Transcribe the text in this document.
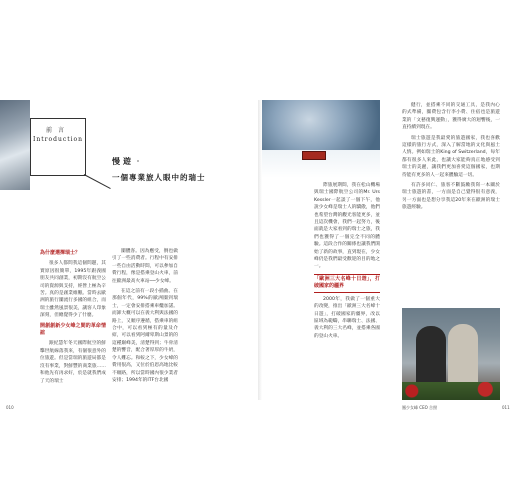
前言
Introduction
慢遊‧
一個專業旅人眼中的瑞士
為什麼選擇瑞士？

很多人都問我這個問題，其實原因很簡單，1995年跟義國朋友共同創業，初期沒有航空公司的資源與支持，經營上極為辛苦。真的是創業維艱。當時去歐洲的旅行團流行多國的組合，而瑞士雖然風景很美，讓客人印象深刻，但總覺得少了什麼。

開創創新少女峰之間的革命情誼

跟紀慧年冬天國際航空的鮮擊世航線落我來，有個很意外的位旅遊。但是當瑞的旅遊局都是沒有事業，對鮮豐的商業旅……和他先有再求好，於是就我們成了天的瑞士

團體客。因為應受，倒也做引了一些消費者。行程中有安排一些自由活動時間，可以參加自費行程，像是搭乘登山火車，前往歐洲最高火車站──少女峰。

在這之前有一段小插曲。在那個年代，99%的歐洲團到瑞士，一定會安排搭乘車纜加諾。而卸大概可以在義大利與法國的路上，又順序遵循，搭乘車的組合中，可以看到極有的量及介紹，可以看到阿爾卑斯山景的的這種巔峰美，清楚得到；牛骨清楚的響音，配合著厚厚的牛奶，令人難忘。和較之下，少女峰的費用很高，又位於伯恩高地比較不順路，所以當時國內很少業者安排；1994年的ITF台北國

010

際旅展期間，我在松山機場與瑞士國際航空公司的Mr. Urs Kessler一起談了一個下午，他說少女峰是瑞士人的驕傲，他們也希望台灣的觀光客能更多，並且這次機會，我們一起努力，後面就是大家看到的瑞士之旅，我們也獲得了一個完全不同的體驗。這段合作的關係也讓我們開始了新的故事，直到現在，少女峰仍是我們最受歡迎的目的地之一。

「歐洲三大名峰十日遊」，打破國家的疆界

2000年，我做了一個重大的改變，推出「歐洲三大名峰十日遊」，打破國家的疆界，改以區域為範疇，串聯瑞士、法國、義大利的三大名峰，並搭乘各國的登山火車。

健行，並搭乘不同的交通工具，是我內心的式準備，團費包含行李小費、住宿也是旅遊業的「文藝復興運動」，獲得廣大的迴響後，一直持續到現在。

瑞士旅遊是我最愛的旅遊國家，我也喜歡這樣的旅行方式，深入了解當地的文化與風土人情。例如瑞士的King of Switzerland，每年都有很多人來此，也讓大家能夠真正地感受到瑞士的美麗，讓我們更加喜愛這個國家，也期待能有更多的人一起來體驗這一切。

有許多同仁、旅客不斷鼓勵我寫一本關於瑞士旅遊的書，一方面是自己覺得很有意義，另一方面也是想分享我這20年來在歐洲的瑞士旅遊經驗。

鳳少女峰 CEO 合照	011
